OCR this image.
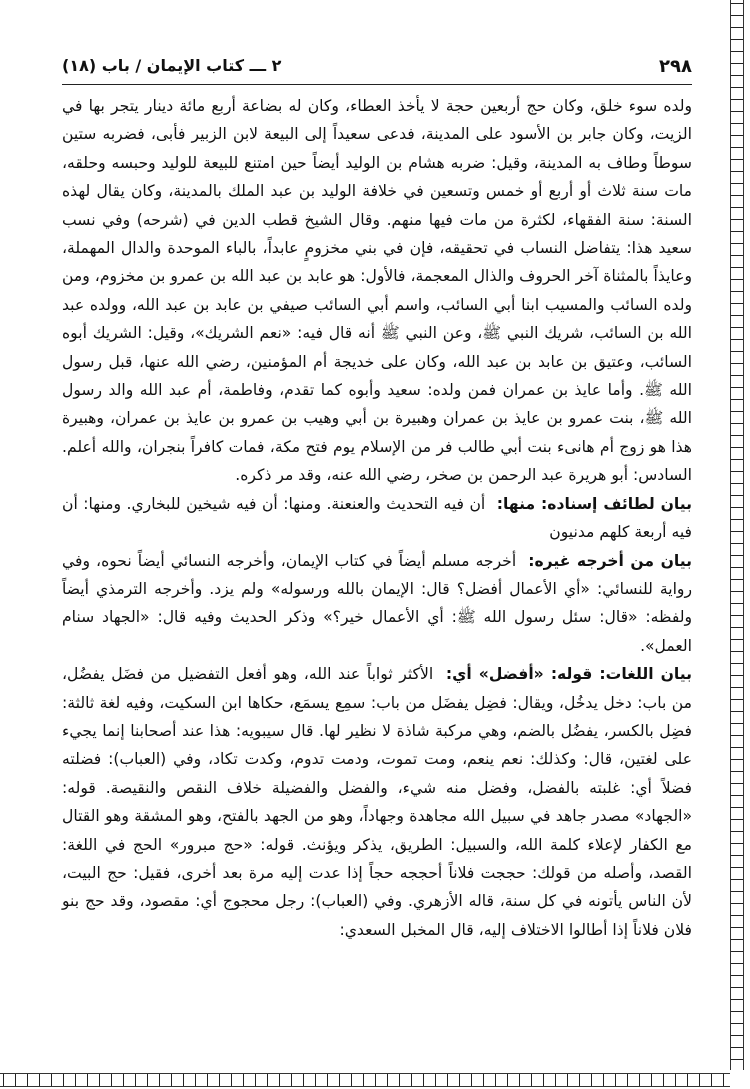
٢٩٨
٢ ـــ كتاب الإيمان / باب (١٨)

ولده سوء خلق، وكان حج أربعين حجة لا يأخذ العطاء، وكان له بضاعة أربع مائة دينار يتجر بها في الزيت، وكان جابر بن الأسود على المدينة، فدعى سعيداً إلى البيعة لابن الزبير فأبى، فضربه ستين سوطاً وطاف به المدينة، وقيل: ضربه هشام بن الوليد أيضاً حين امتنع للبيعة للوليد وحبسه وحلقه، مات سنة ثلاث أو أربع أو خمس وتسعين في خلافة الوليد بن عبد الملك بالمدينة، وكان يقال لهذه السنة: سنة الفقهاء، لكثرة من مات فيها منهم. وقال الشيخ قطب الدين في (شرحه) وفي نسب سعيد هذا: يتفاضل النساب في تحقيقه، فإن في بني مخزومٍ عابداً، بالباء الموحدة والدال المهملة، وعايذاً بالمثناة آخر الحروف والذال المعجمة، فالأول: هو عابد بن عبد الله بن عمرو بن مخزوم، ومن ولده السائب والمسيب ابنا أبي السائب، واسم أبي السائب صيفي بن عابد بن عبد الله، وولده عبد الله بن السائب، شريك النبي ﷺ، وعن النبي ﷺ أنه قال فيه: «نعم الشريك»، وقيل: الشريك أبوه السائب، وعتيق بن عابد بن عبد الله، وكان على خديجة أم المؤمنين، رضي الله عنها، قبل رسول الله ﷺ. وأما عايذ بن عمران فمن ولده: سعيد وأبوه كما تقدم، وفاطمة، أم عبد الله والد رسول الله ﷺ، بنت عمرو بن عايذ بن عمران وهبيرة بن أبي وهيب بن عمرو بن عايذ بن عمران، وهبيرة هذا هو زوج أم هانىء بنت أبي طالب فر من الإسلام يوم فتح مكة، فمات كافراً بنجران، والله أعلم. السادس: أبو هريرة عبد الرحمن بن صخر، رضي الله عنه، وقد مر ذكره.

بيان لطائف إسناده: منها: أن فيه التحديث والعنعنة. ومنها: أن فيه شيخين للبخاري. ومنها: أن فيه أربعة كلهم مدنيون

بيان من أخرجه غيره: أخرجه مسلم أيضاً في كتاب الإيمان، وأخرجه النسائي أيضاً نحوه، وفي رواية للنسائي: «أي الأعمال أفضل؟ قال: الإيمان بالله ورسوله» ولم يزد. وأخرجه الترمذي أيضاً ولفظه: «قال: سئل رسول الله ﷺ: أي الأعمال خير؟» وذكر الحديث وفيه قال: «الجهاد سنام العمل».

بيان اللغات: قوله: «أفضل» أي: الأكثر ثواباً عند الله، وهو أفعل التفضيل من فضَل يفضُل، من باب: دخل يدخُل، ويقال: فضِل يفضَل من باب: سمِع يسمَع، حكاها ابن السكيت، وفيه لغة ثالثة: فضِل بالكسر، يفضُل بالضم، وهي مركبة شاذة لا نظير لها. قال سيبويه: هذا عند أصحابنا إنما يجيء على لغتين، قال: وكذلك: نعم ينعم، ومت تموت، ودمت تدوم، وكدت تكاد، وفي (العباب): فضلته فضلاً أي: غلبته بالفضل، وفضل منه شيء، والفضل والفضيلة خلاف النقص والنقيصة. قوله: «الجهاد» مصدر جاهد في سبيل الله مجاهدة وجهاداً، وهو من الجهد بالفتح، وهو المشقة وهو القتال مع الكفار لإعلاء كلمة الله، والسبيل: الطريق، يذكر ويؤنث. قوله: «حج مبرور» الحج في اللغة: القصد، وأصله من قولك: حججت فلاناً أحججه حجاً إذا عدت إليه مرة بعد أخرى، فقيل: حج البيت، لأن الناس يأتونه في كل سنة، قاله الأزهري. وفي (العباب): رجل محجوج أي: مقصود، وقد حج بنو فلان فلاناً إذا أطالوا الاختلاف إليه، قال المخبل السعدي:
